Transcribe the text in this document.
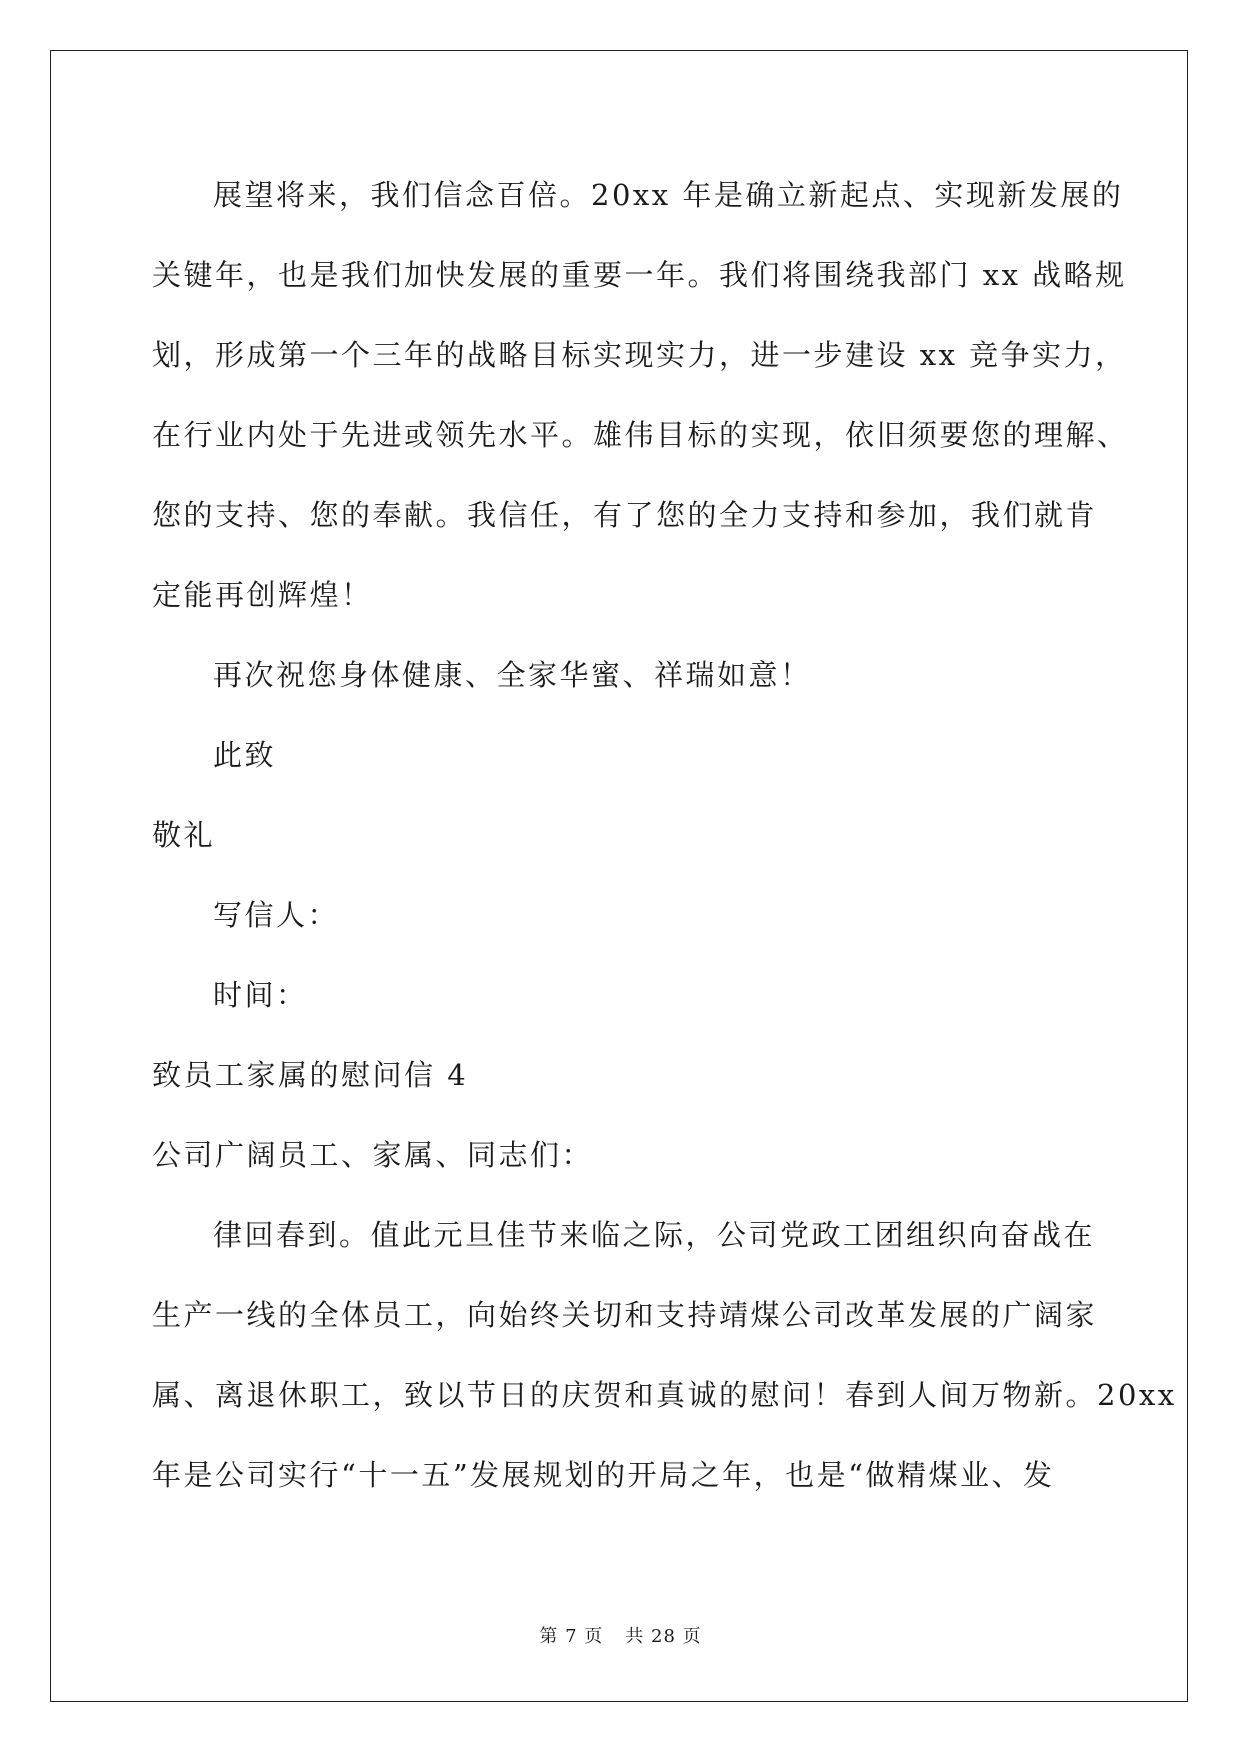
展望将来，我们信念百倍。20xx 年是确立新起点、实现新发展的
关键年，也是我们加快发展的重要一年。我们将围绕我部门 xx 战略规
划，形成第一个三年的战略目标实现实力，进一步建设 xx 竞争实力，
在行业内处于先进或领先水平。雄伟目标的实现，依旧须要您的理解、
您的支持、您的奉献。我信任，有了您的全力支持和参加，我们就肯
定能再创辉煌！
再次祝您身体健康、全家华蜜、祥瑞如意！
此致
敬礼
写信人：
时间：
致员工家属的慰问信 4
公司广阔员工、家属、同志们：
律回春到。值此元旦佳节来临之际，公司党政工团组织向奋战在
生产一线的全体员工，向始终关切和支持靖煤公司改革发展的广阔家
属、离退休职工，致以节日的庆贺和真诚的慰问！春到人间万物新。20xx
年是公司实行“十一五”发展规划的开局之年，也是“做精煤业、发
第 7 页 共 28 页
